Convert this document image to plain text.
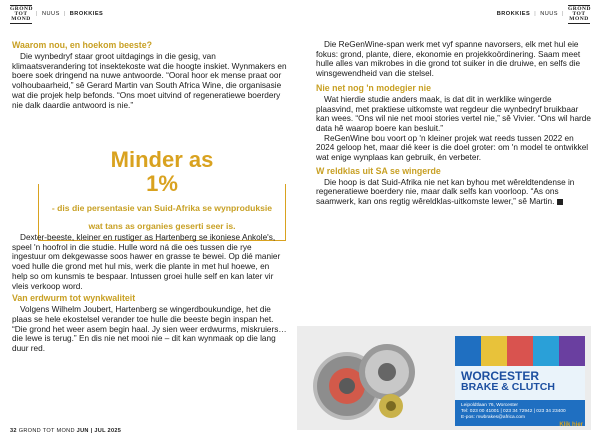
GROND
TOT MOND
| NUUS | BROKKIES	BROKKIES | NUUS |
GROND
TOT MOND
Waarom nou, en hoekom beeste?

Die wynbedryf staar groot uitdagings in die gesig, van klimaatsverandering tot insektekoste wat die hoogte inskiet. Wynmakers en boere soek dringend na nuwe antwoorde. “Ooral hoor ek mense praat oor volhoubaarheid,” sê Gerard Martin van South Africa Wine, die organisasie wat die projek help befonds. “Ons moet uitvind of regeneratiewe boerdery nie dalk daardie antwoord is nie.”

Minder as 1%
- dis die persentasie van Suid-Afrika se wynproduksie wat tans as organies geserti seer is.

Dexter-beeste, kleiner en rustiger as Hartenberg se ikoniese Ankole's, speel 'n hoofrol in die studie. Hulle word ná die oes tussen die rye ingestuur om dekgewasse soos hawer en grasse te bewei. Op dié manier voed hulle die grond met hul mis, werk die plante in met hul hoewe, en help so om kunsmis te bespaar. Intussen groei hulle self en kan later vir vleis verkoop word.

Van erdwurm tot wynkwaliteit

Volgens Wilhelm Joubert, Hartenberg se wingerdboukundige, het die plaas se hele ekostelsel verander toe hulle die beeste begin inspan het. “Die grond het weer asem begin haal. Jy sien weer erdwurms, miskruiers… die lewe is terug.” En dis nie net mooi nie – dit kan wynmaak op die lang duur red.

Die ReGenWine-span werk met vyf spanne navorsers, elk met hul eie fokus: grond, plante, diere, ekonomie en projekkoördinering. Saam meet hulle alles van mikrobes in die grond tot suiker in die druiwe, en selfs die winsgewendheid van die stelsel.

Nie net nog 'n modegier nie

Wat hierdie studie anders maak, is dat dit in werklike wingerde plaasvind, met praktiese uitkomste wat regdeur die wynbedryf bruikbaar kan wees. “Ons wil nie net mooi stories vertel nie,” sê Vivier. “Ons wil harde data hê waarop boere kan besluit.”

ReGenWine bou voort op 'n kleiner projek wat reeds tussen 2022 en 2024 geloop het, maar dié keer is die doel groter: om 'n model te ontwikkel wat enige wynplaas kan gebruik, én verbeter.

W reldklas uit SA se wingerde

Die hoop is dat Suid-Afrika nie net kan byhou met wêreldtendense in regeneratiewe boerdery nie, maar dalk selfs kan voorloop. “As ons saamwerk, kan ons regtig wêreldklas-uitkomste lewer,” sê Martin. T

WORCESTER
BRAKE & CLUTCH
Leipoldtlaan 76, Worcester
Tel: 023 00 41001 | 023 34 72942 | 023 34 23400
E-pos: mwbrakes@africa.com
Klik hier
32 GROND TOT MOND JUN | JUL 2025
